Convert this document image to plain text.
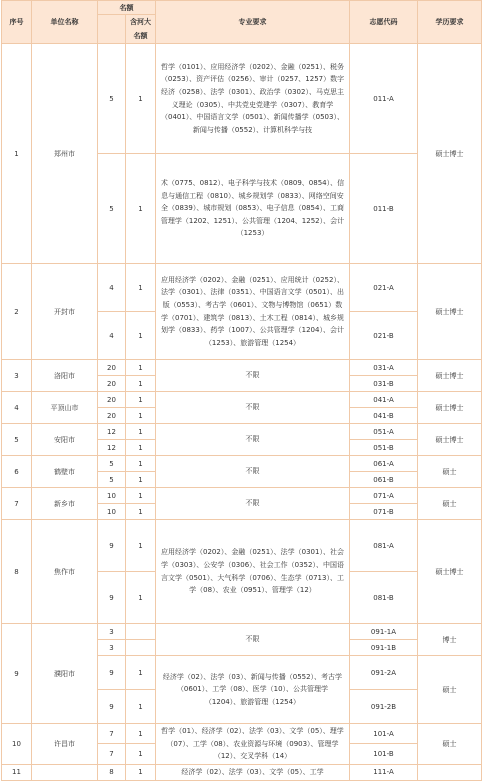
序号	单位名称	名额		专业要求	志愿代码	学历要求
			含河大名额			

1	郑州市	5	1	哲学（0101）、应用经济学（0202）、金融（0251）、税务（0253）、资产评估（0256）、审计（0257、1257）数字经济（0258）、法学（0301）、政治学（0302）、马克思主义理论（0305）、中共党史党建学（0307）、教育学（0401）、中国语言文学（0501）、新闻传播学（0503）、新闻与传播（0552）、计算机科学与技	011-A	硕士博士
		5	1	术（0775、0812）、电子科学与技术（0809、0854）、信息与通信工程（0810）、城乡规划学（0833）、网络空间安全（0839）、城市规划（0853）、电子信息（0854）、工商管理学（1202、1251）、公共管理（1204、1252）、会计（1253）	011-B	
2	开封市	4	1	应用经济学（0202）、金融（0251）、应用统计（0252）、法学（0301）、法律（0351）、中国语言文学（0501）、出版（0553）、考古学（0601）、文物与博物馆（0651）数学（0701）、建筑学（0813）、土木工程（0814）、城乡规划学（0833）、药学（1007）、公共管理学（1204）、会计（1253）、旅游管理（1254）	021-A	硕士博士
		4	1		021-B	
3	洛阳市	20	1	不限	031-A	硕士博士
		20	1		031-B	
4	平顶山市	20	1	不限	041-A	硕士博士
		20	1		041-B	
5	安阳市	12	1	不限	051-A	硕士博士
		12	1		051-B	
6	鹤壁市	5	1	不限	061-A	硕士
		5	1		061-B	
7	新乡市	10	1	不限	071-A	硕士
		10	1		071-B	
8	焦作市	9	1	应用经济学（0202）、金融（0251）、法学（0301）、社会学（0303）、公安学（0306）、社会工作（0352）、中国语言文学（0501）、大气科学（0706）、生态学（0713）、工学（08）、农业（0951）、管理学（12）	081-A	硕士博士
		9	1		081-B	
9	濮阳市	3		不限	091-1A	博士
		3			091-1B	
		9	1	经济学（02）、法学（03）、新闻与传播（0552）、考古学（0601）、工学（08）、医学（10）、公共管理学（1204）、旅游管理（1254）	091-2A	硕士
		9	1		091-2B	
10	许昌市	7	1	哲学（01）、经济学（02）、法学（03）、文学（05）、理学（07）、工学（08）、农业资源与环境（0903）、管理学（12）、交叉学科（14）	101-A	硕士
		7	1		101-B	
11		8	1	经济学（02）、法学（03）、文学（05）、工学	111-A	
